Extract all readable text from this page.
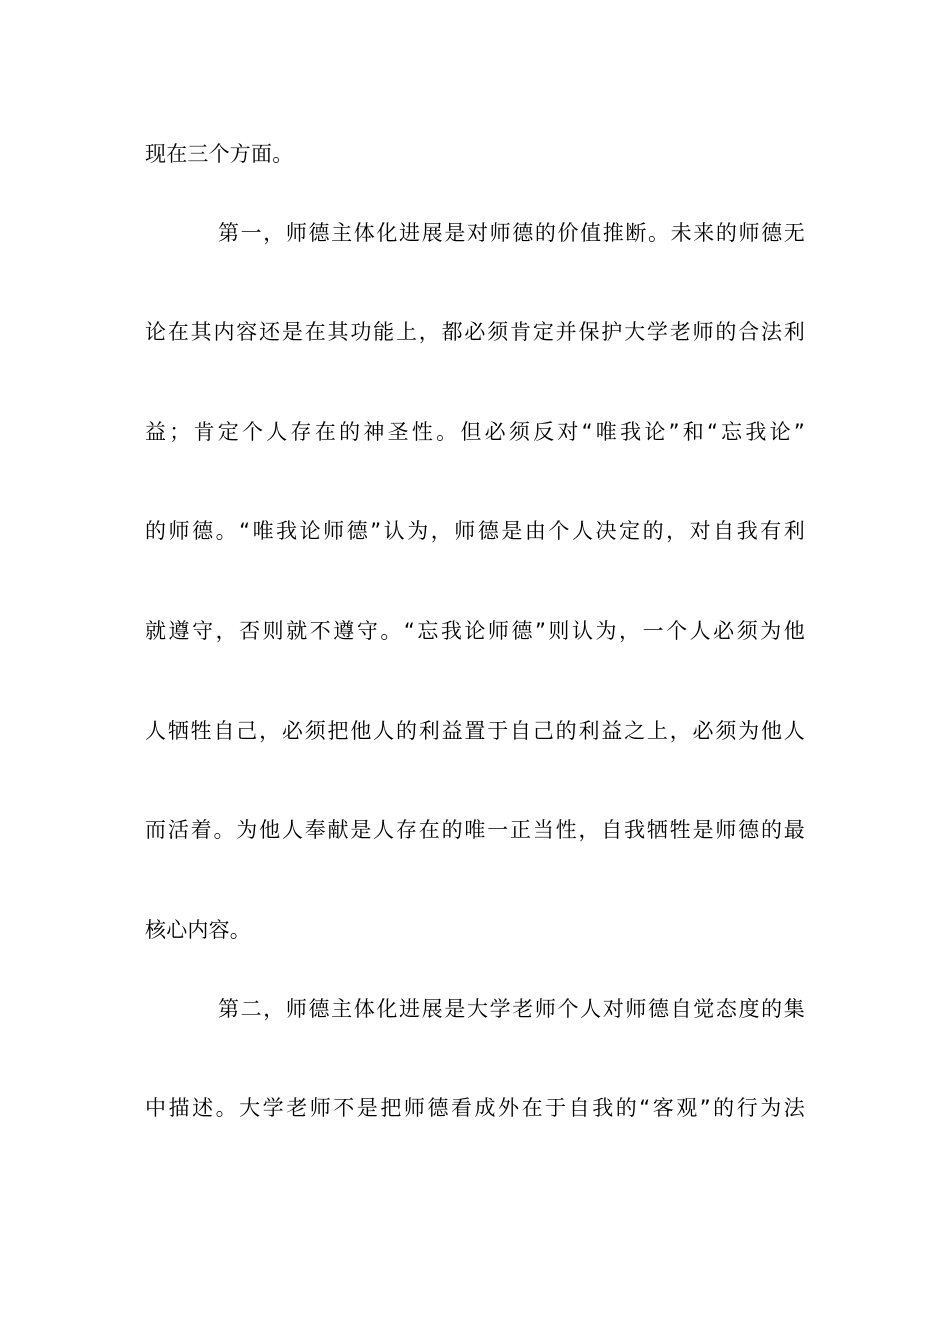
现在三个方面。
第一，师德主体化进展是对师德的价值推断。未来的师德无
论在其内容还是在其功能上，都必须肯定并保护大学老师的合法利
益；肯定个人存在的神圣性。但必须反对“唯我论”和“忘我论”
的师德。“唯我论师德”认为，师德是由个人决定的，对自我有利
就遵守，否则就不遵守。“忘我论师德”则认为，一个人必须为他
人牺牲自己，必须把他人的利益置于自己的利益之上，必须为他人
而活着。为他人奉献是人存在的唯一正当性，自我牺牲是师德的最
核心内容。
第二，师德主体化进展是大学老师个人对师德自觉态度的集
中描述。大学老师不是把师德看成外在于自我的“客观”的行为法
